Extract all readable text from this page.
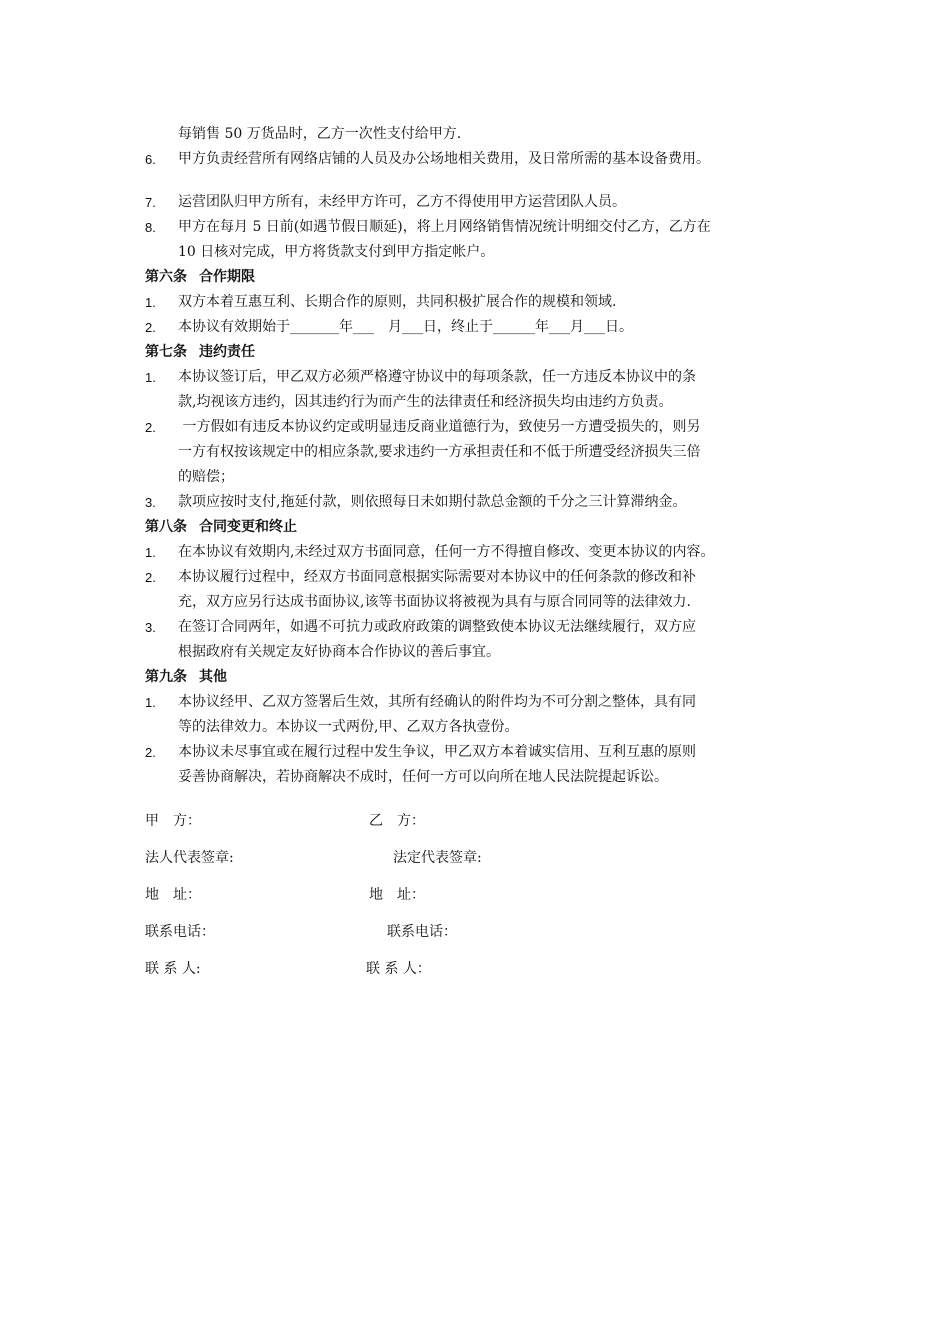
每销售 50 万货品时，乙方一次性支付给甲方.
6.	甲方负责经营所有网络店铺的人员及办公场地相关费用，及日常所需的基本设备费用。
7.	运营团队归甲方所有，未经甲方许可，乙方不得使用甲方运营团队人员。
8.	甲方在每月 5 日前(如遇节假日顺延)，将上月网络销售情况统计明细交付乙方，乙方在
10 日核对完成，甲方将货款支付到甲方指定帐户。
第六条 合作期限
1.	双方本着互惠互利、长期合作的原则，共同积极扩展合作的规模和领域.
2.	本协议有效期始于_______年___　月___日，终止于______年___月___日。
第七条 违约责任
1.	本协议签订后，甲乙双方必须严格遵守协议中的每项条款，任一方违反本协议中的条
款,均视该方违约，因其违约行为而产生的法律责任和经济损失均由违约方负责。
2.	一方假如有违反本协议约定或明显违反商业道德行为，致使另一方遭受损失的，则另
一方有权按该规定中的相应条款,要求违约一方承担责任和不低于所遭受经济损失三倍
的赔偿；
3.	款项应按时支付,拖延付款，则依照每日未如期付款总金额的千分之三计算滞纳金。
第八条 合同变更和终止
1.	在本协议有效期内,未经过双方书面同意，任何一方不得擅自修改、变更本协议的内容。
2.	本协议履行过程中，经双方书面同意根据实际需要对本协议中的任何条款的修改和补
充，双方应另行达成书面协议,该等书面协议将被视为具有与原合同同等的法律效力.
3.	在签订合同两年，如遇不可抗力或政府政策的调整致使本协议无法继续履行，双方应
根据政府有关规定友好协商本合作协议的善后事宜。
第九条 其他
1.	本协议经甲、乙双方签署后生效，其所有经确认的附件均为不可分割之整体，具有同
等的法律效力。本协议一式两份,甲、乙双方各执壹份。
2.	本协议未尽事宜或在履行过程中发生争议，甲乙双方本着诚实信用、互利互惠的原则
妥善协商解决，若协商解决不成时，任何一方可以向所在地人民法院提起诉讼。
甲　方：	乙　方：
法人代表签章:	法定代表签章:
地　址：	地　址：
联系电话：	联系电话：
联 系 人:	联 系 人：
